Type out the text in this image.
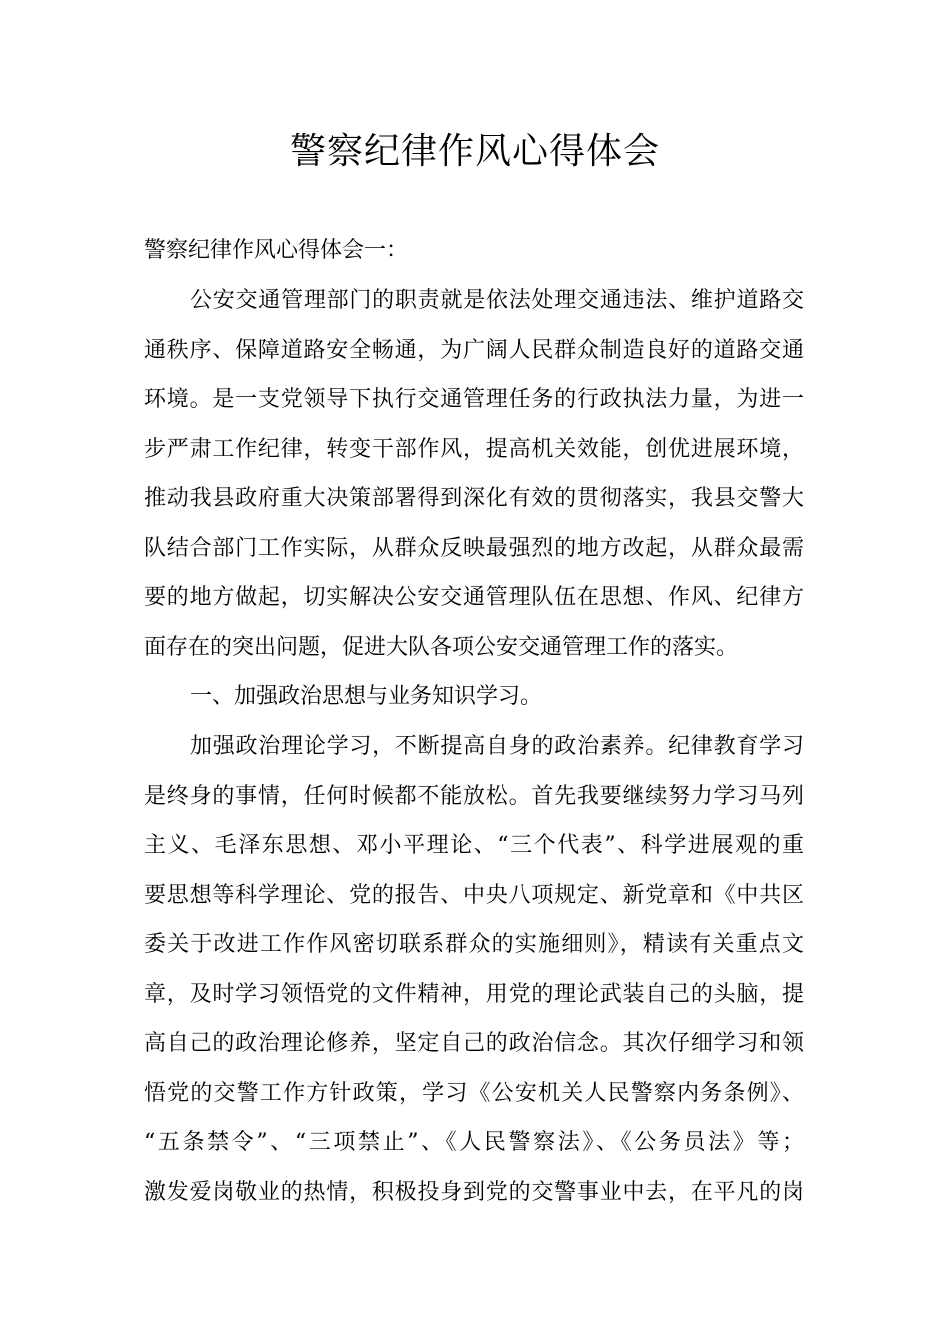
警察纪律作风心得体会
警察纪律作风心得体会一：
公安交通管理部门的职责就是依法处理交通违法、维护道路交
通秩序、保障道路安全畅通，为广阔人民群众制造良好的道路交通
环境。是一支党领导下执行交通管理任务的行政执法力量，为进一
步严肃工作纪律，转变干部作风，提高机关效能，创优进展环境，
推动我县政府重大决策部署得到深化有效的贯彻落实，我县交警大
队结合部门工作实际，从群众反映最强烈的地方改起，从群众最需
要的地方做起，切实解决公安交通管理队伍在思想、作风、纪律方
面存在的突出问题，促进大队各项公安交通管理工作的落实。
一、加强政治思想与业务知识学习。
加强政治理论学习，不断提高自身的政治素养。纪律教育学习
是终身的事情，任何时候都不能放松。首先我要继续努力学习马列
主义、毛泽东思想、邓小平理论、“三个代表”、科学进展观的重
要思想等科学理论、党的报告、中央八项规定、新党章和《中共区
委关于改进工作作风密切联系群众的实施细则》，精读有关重点文
章，及时学习领悟党的文件精神，用党的理论武装自己的头脑，提
高自己的政治理论修养，坚定自己的政治信念。其次仔细学习和领
悟党的交警工作方针政策，学习《公安机关人民警察内务条例》、
“五条禁令”、“三项禁止”、《人民警察法》、《公务员法》等；
激发爱岗敬业的热情，积极投身到党的交警事业中去，在平凡的岗
